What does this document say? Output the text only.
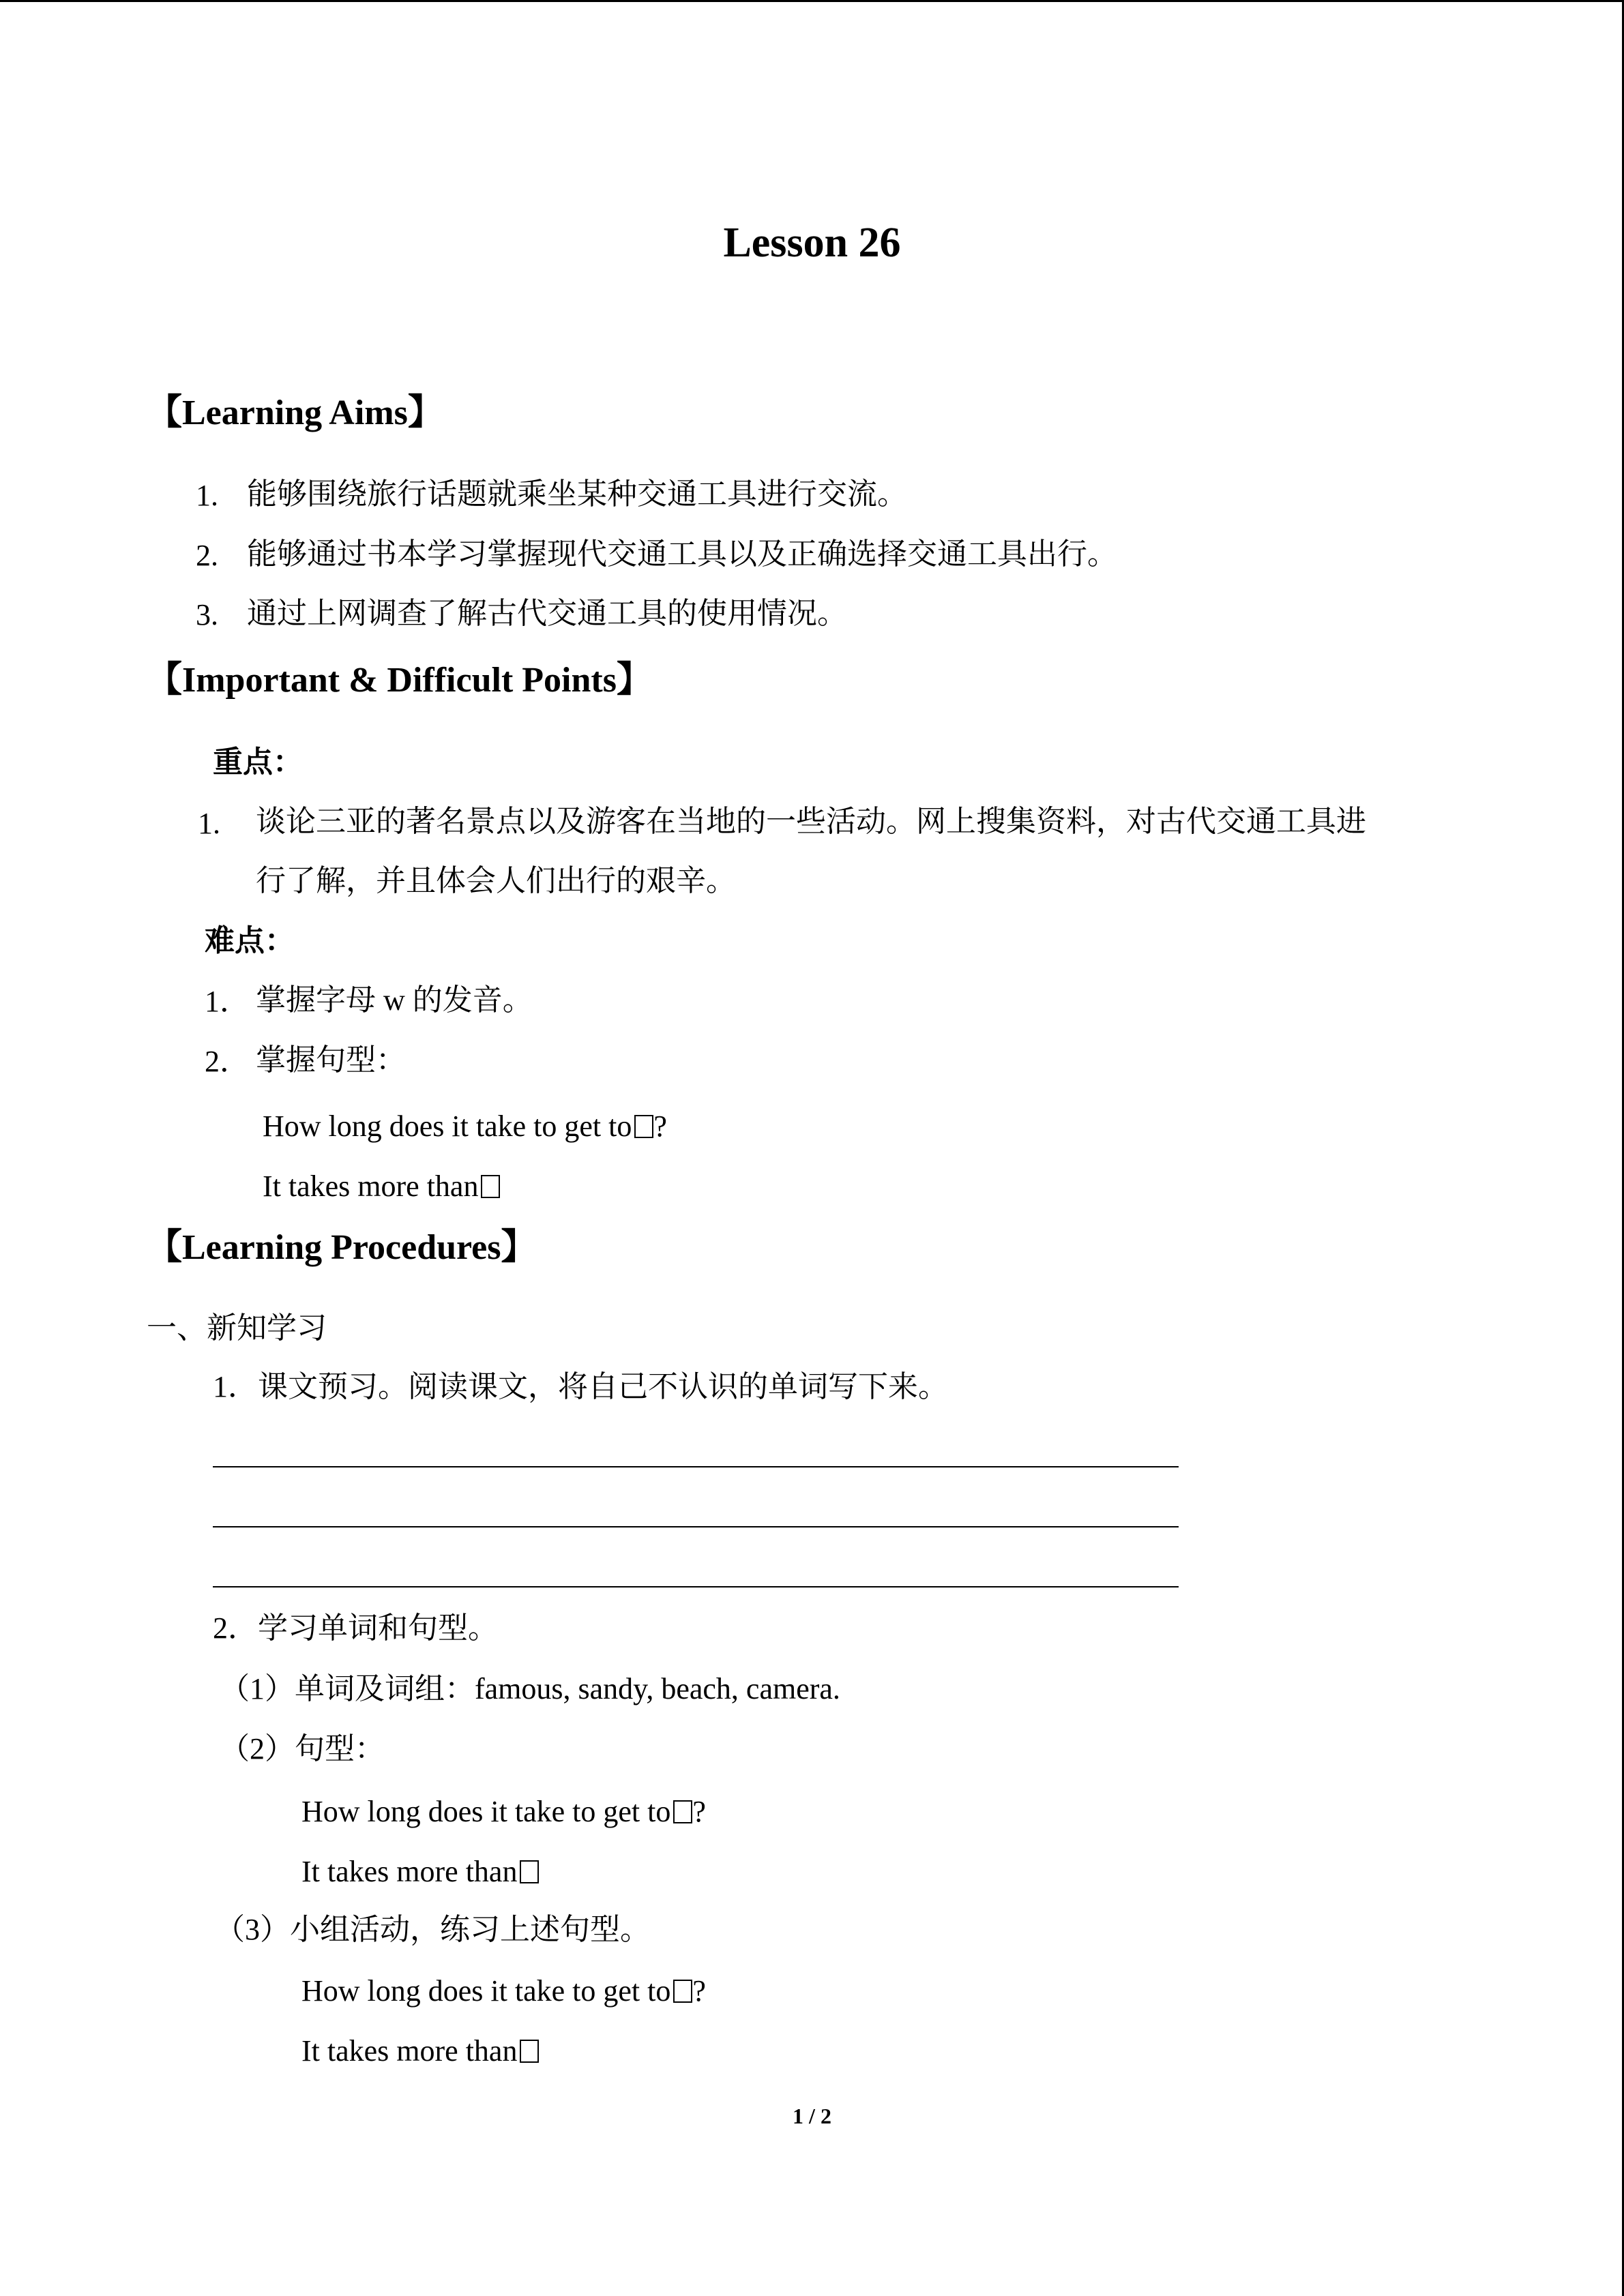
Lesson 26
【Learning Aims】
1. 能够围绕旅行话题就乘坐某种交通工具进行交流。
2. 能够通过书本学习掌握现代交通工具以及正确选择交通工具出行。
3. 通过上网调查了解古代交通工具的使用情况。
【Important & Difficult Points】
重点：
1. 谈论三亚的著名景点以及游客在当地的一些活动。网上搜集资料，对古代交通工具进
行了解，并且体会人们出行的艰辛。
难点：
1． 掌握字母 w 的发音。
2． 掌握句型：
How long does it take to get to ?
It takes more than
【Learning Procedures】
一、新知学习
1．课文预习。阅读课文，将自己不认识的单词写下来。
2．学习单词和句型。
（1）单词及词组：famous, sandy, beach, camera.
（2）句型：
How long does it take to get to ?
It takes more than
（3）小组活动，练习上述句型。
How long does it take to get to ?
It takes more than
1 / 2
